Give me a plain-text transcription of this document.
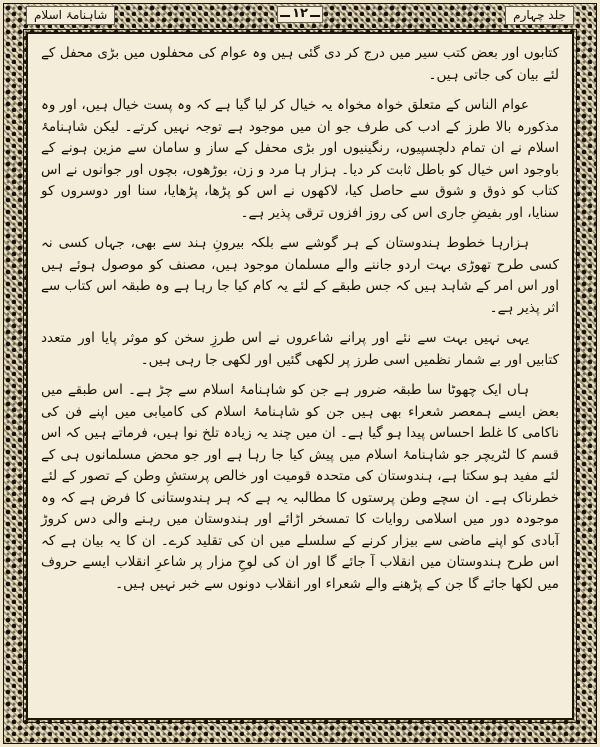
شاہنامۂ اسلام	۱۲	جلد چہارم

کتابوں اور بعض کتب سیر میں درج کر دی گئی ہیں وہ عوام کی محفلوں میں بڑی محفل کے لئے بیان کی جاتی ہیں۔

عوام الناس کے متعلق خواہ مخواہ یہ خیال کر لیا گیا ہے کہ وہ پست خیال ہیں، اور وہ مذکورہ بالا طرز کے ادب کی طرف جو ان میں موجود ہے توجہ نہیں کرتے۔ لیکن شاہنامۂ اسلام نے ان تمام دلچسپیوں، رنگینیوں اور بڑی محفل کے ساز و سامان سے مزین ہونے کے باوجود اس خیال کو باطل ثابت کر دیا۔ ہزار ہا مرد و زن، بوڑھوں، بچوں اور جوانوں نے اس کتاب کو ذوق و شوق سے حاصل کیا، لاکھوں نے اس کو پڑھا، پڑھایا، سنا اور دوسروں کو سنایا، اور بفیضِ جاری اس کی روز افزوں ترقی پذیر ہے۔

ہزارہا خطوط ہندوستان کے ہر گوشے سے بلکہ بیرونِ ہند سے بھی، جہاں کسی نہ کسی طرح تھوڑی بہت اردو جاننے والے مسلمان موجود ہیں، مصنف کو موصول ہوئے ہیں اور اس امر کے شاہد ہیں کہ جس طبقے کے لئے یہ کام کیا جا رہا ہے وہ طبقہ اس کتاب سے اثر پذیر ہے۔

یہی نہیں بہت سے نئے اور پرانے شاعروں نے اس طرزِ سخن کو موثر پایا اور متعدد کتابیں اور بے شمار نظمیں اسی طرز پر لکھی گئیں اور لکھی جا رہی ہیں۔

ہاں ایک چھوٹا سا طبقہ ضرور ہے جن کو شاہنامۂ اسلام سے چڑ ہے۔ اس طبقے میں بعض ایسے ہمعصر شعراء بھی ہیں جن کو شاہنامۂ اسلام کی کامیابی میں اپنے فن کی ناکامی کا غلط احساس پیدا ہو گیا ہے۔ ان میں چند یہ زیادہ تلخ نوا ہیں، فرماتے ہیں کہ اس قسم کا لٹریچر جو شاہنامۂ اسلام میں پیش کیا جا رہا ہے اور جو محض مسلمانوں ہی کے لئے مفید ہو سکتا ہے، ہندوستان کی متحدہ قومیت اور خالص پرستشِ وطن کے تصور کے لئے خطرناک ہے۔ ان سچے وطن پرستوں کا مطالبہ یہ ہے کہ ہر ہندوستانی کا فرض ہے کہ وہ موجودہ دور میں اسلامی روایات کا تمسخر اڑائے اور ہندوستان میں رہنے والی دس کروڑ آبادی کو اپنے ماضی سے بیزار کرنے کے سلسلے میں ان کی تقلید کرے۔ ان کا یہ بیان ہے کہ اس طرح ہندوستان میں انقلاب آ جائے گا اور ان کی لوحِ مزار پر شاعرِ انقلاب ایسے حروف میں لکھا جائے گا جن کے پڑھنے والے شعراء اور انقلاب دونوں سے خبر نہیں ہیں۔
